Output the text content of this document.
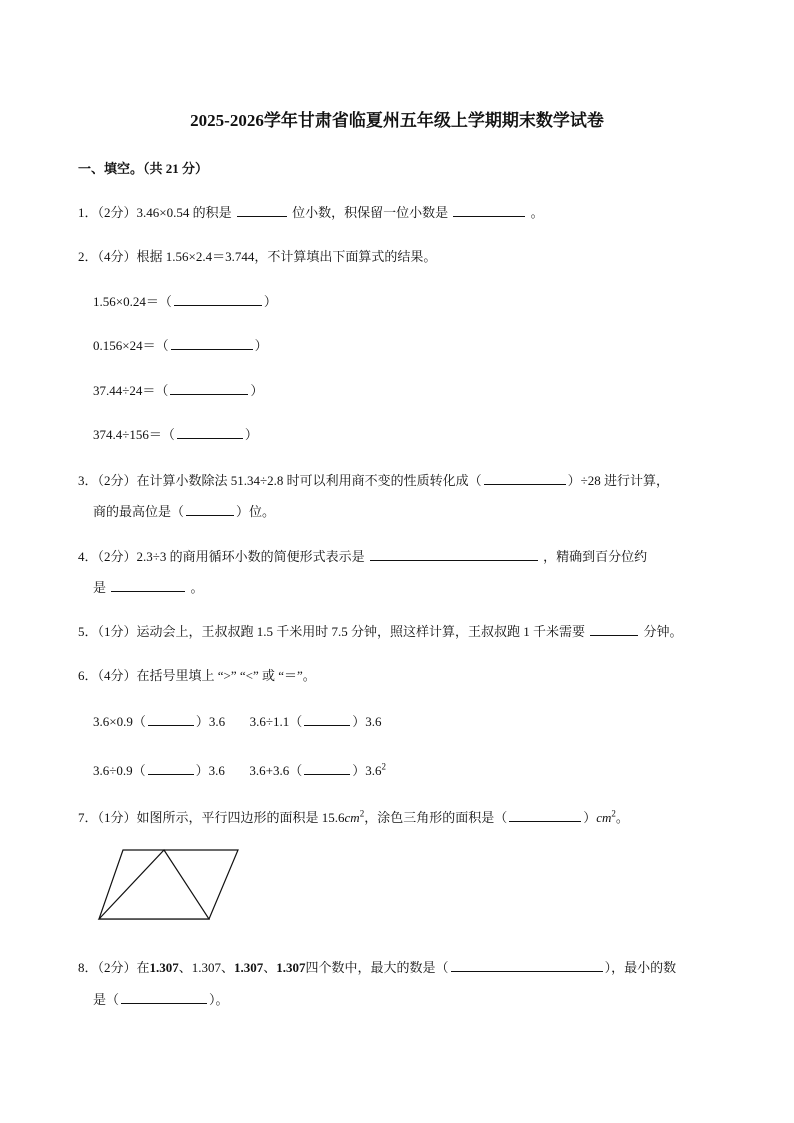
2025-2026学年甘肃省临夏州五年级上学期期末数学试卷
一、填空。（共 21 分）
1．（2分）3.46×0.54 的积是	位小数，积保留一位小数是	。
2．（4分）根据 1.56×2.4＝3.744，不计算填出下面算式的结果。
1.56×0.24＝（	）
0.156×24＝（	）
37.44÷24＝（	）
374.4÷156＝（	）
3．（2分）在计算小数除法 51.34÷2.8 时可以利用商不变的性质转化成（	）÷28 进行计算，
商的最高位是（	）位。
4．（2分）2.3÷3 的商用循环小数的简便形式表示是	，精确到百分位约
是	。
5．（1分）运动会上，王叔叔跑 1.5 千米用时 7.5 分钟，照这样计算，王叔叔跑 1 千米需要	分钟。
6．（4分）在括号里填上 “>” “<” 或 “＝”。
3.6×0.9（	）3.6 3.6÷1.1（	）3.6
3.6÷0.9（	）3.6 3.6+3.6（	）$3.6^2$
7．（1分）如图所示，平行四边形的面积是 $15.6cm^2$，涂色三角形的面积是（	）$cm^2$。
8．（2分）在1.307、1.307、1.307、1.307四个数中，最大的数是（	），最小的数
是（	）。
